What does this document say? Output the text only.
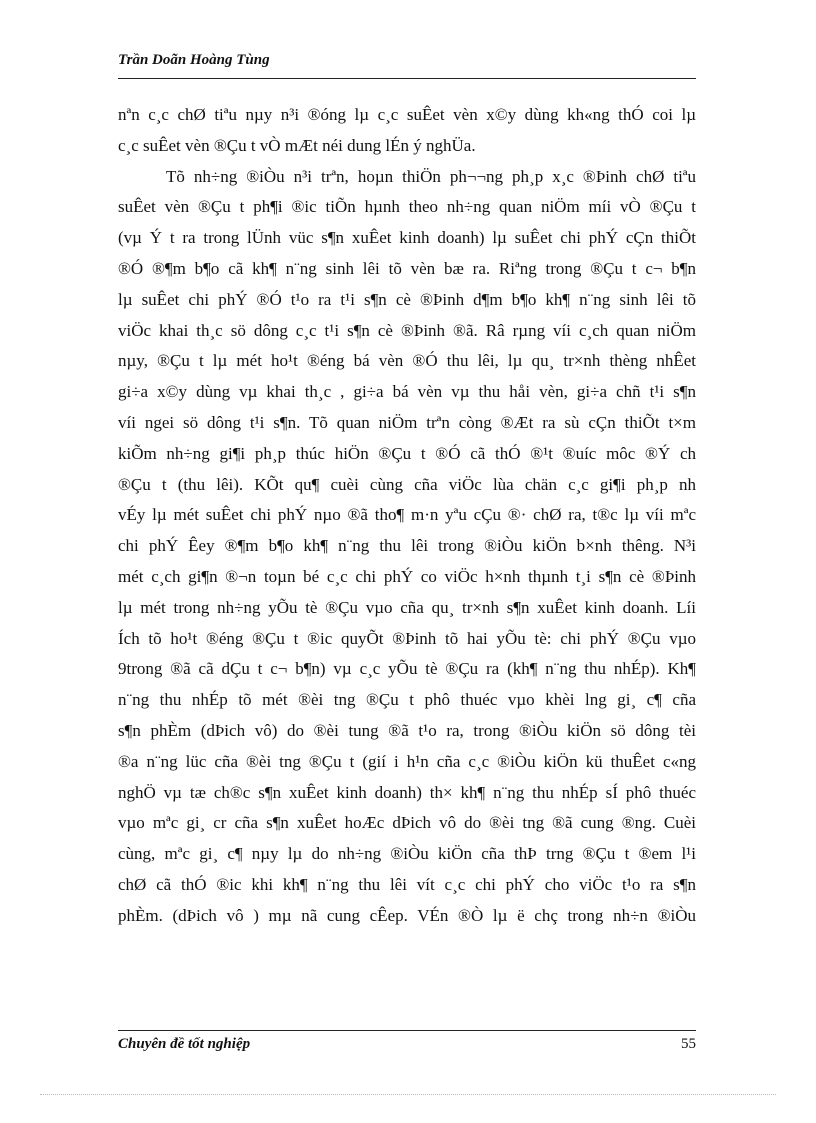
Trần Doãn Hoàng Tùng
nªn c¸c chØ tiªu nµy n³i ®óng lµ c¸c suÊet vèn x©y dùng kh«ng thÓ coi lµ
c¸c suÊet vèn ®Çu t vÒ mÆt néi dung lÉn ý nghÜa.
Tõ nh÷ng ®iÒu n³i trªn, hoµn thiÖn ph¬¬ng ph¸p x¸c ®Þinh chØ tiªu
suÊet vèn ®Çu t ph¶i ®ic tiÕn hµnh theo nh÷ng quan niÖm míi vÒ ®Çu t
(vµ Ý t ra trong lÜnh vüc s¶n xuÊet kinh doanh) lµ suÊet chi phÝ cÇn thiÕt
®Ó ®¶m b¶o cã kh¶ n¨ng sinh lêi tõ vèn bæ ra. Riªng trong ®Çu t c¬ b¶n
lµ suÊet chi phÝ ®Ó t¹o ra t¹i s¶n cè ®Þinh d¶m b¶o kh¶ n¨ng sinh lêi tõ
viÖc khai th¸c sö dông c¸c t¹i s¶n cè ®Þinh ®ã. Râ rµng víi c¸ch quan niÖm
nµy, ®Çu t lµ mét ho¹t ®éng bá vèn ®Ó thu lêi, lµ qu¸ tr×nh thèng nhÊet
gi÷a x©y dùng vµ khai th¸c , gi÷a bá vèn vµ thu håi vèn, gi÷a chñ t¹i s¶n
víi ngei sö dông t¹i s¶n. Tõ quan niÖm trªn còng ®Æt ra sù cÇn thiÕt t×m
kiÕm nh÷ng gi¶i ph¸p thúc hiÖn ®Çu t ®Ó cã thÓ ®¹t ®uíc môc ®Ý ch
®Çu t (thu lêi). KÕt qu¶ cuèi cùng cña viÖc lùa chän c¸c gi¶i ph¸p nh
vÉy lµ mét suÊet chi phÝ nµo ®ã tho¶ m·n yªu cÇu ®· chØ ra, t®c lµ víi mªc
chi phÝ Êey ®¶m b¶o kh¶ n¨ng thu lêi trong ®iÒu kiÖn b×nh thêng. N³i
mét c¸ch gi¶n ®¬n toµn bé c¸c chi phÝ co viÖc h×nh thµnh t¸i s¶n cè ®Þinh
lµ mét trong nh÷ng yÕu tè ®Çu vµo cña qu¸ tr×nh s¶n xuÊet kinh doanh. Líi
Ích tõ ho¹t ®éng ®Çu t ®ic quyÕt ®Þinh tõ hai yÕu tè: chi phÝ ®Çu vµo
9trong ®ã cã dÇu t c¬ b¶n) vµ c¸c yÕu tè ®Çu ra (kh¶ n¨ng thu nhÉp). Kh¶
n¨ng thu nhÉp tõ mét ®èi tng ®Çu t phô thuéc vµo khèi lng gi¸ c¶ cña
s¶n phÈm (dÞich vô) do ®èi tung ®ã t¹o ra, trong ®iÒu kiÖn sö dông tèi
®a n¨ng lüc cña ®èi tng ®Çu t (gií i h¹n cña c¸c ®iÒu kiÖn kü thuÊet c«ng
nghÖ vµ tæ ch®c s¶n xuÊet kinh doanh) th× kh¶ n¨ng thu nhÉp sÍ phô thuéc
vµo mªc gi¸ cr cña s¶n xuÊet hoÆc dÞich vô do ®èi tng ®ã cung ®ng. Cuèi
cùng, mªc gi¸ c¶ nµy lµ do nh÷ng ®iÒu kiÖn cña thÞ trng ®Çu t ®em l¹i
chØ cã thÓ ®ic khi kh¶ n¨ng thu lêi vít c¸c chi phÝ cho viÖc t¹o ra s¶n
phÈm. (dÞich vô ) mµ nã cung cÊep. VÉn ®Ò lµ ë chç trong nh÷n ®iÒu
Chuyên đề tốt nghiệp	55
